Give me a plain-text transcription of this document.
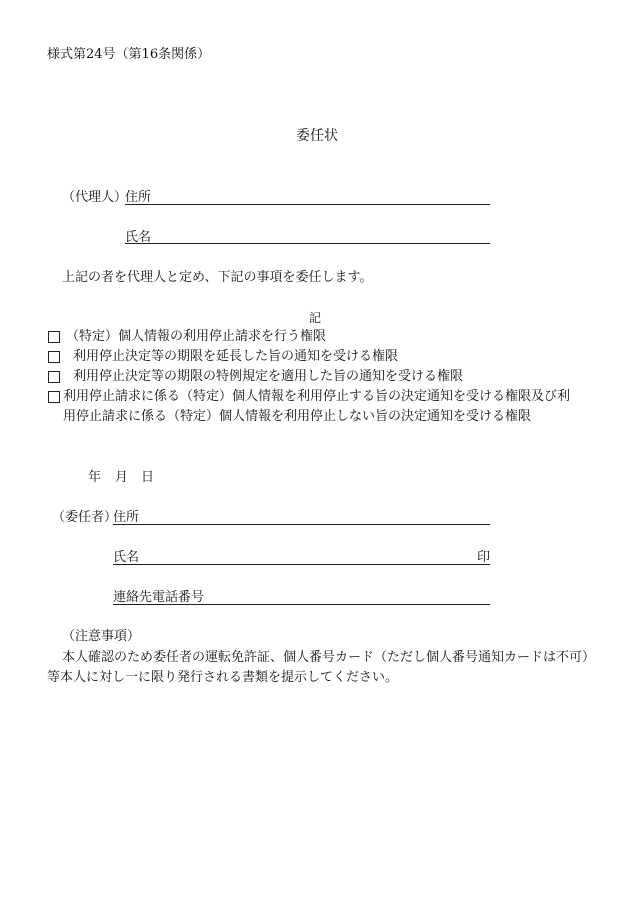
様式第24号（第16条関係）
委任状
（代理人）
住所
氏名
上記の者を代理人と定め、下記の事項を委任します。
記
（特定）個人情報の利用停止請求を行う権限
利用停止決定等の期限を延長した旨の通知を受ける権限
利用停止決定等の期限の特例規定を適用した旨の通知を受ける権限
利用停止請求に係る（特定）個人情報を利用停止する旨の決定通知を受ける権限及び利
用停止請求に係る（特定）個人情報を利用停止しない旨の決定通知を受ける権限
年 月 日
（委任者）
住所
氏名	印
連絡先電話番号
（注意事項）
本人確認のため委任者の運転免許証、個人番号カード（ただし個人番号通知カードは不可）
等本人に対し一に限り発行される書類を提示してください。
